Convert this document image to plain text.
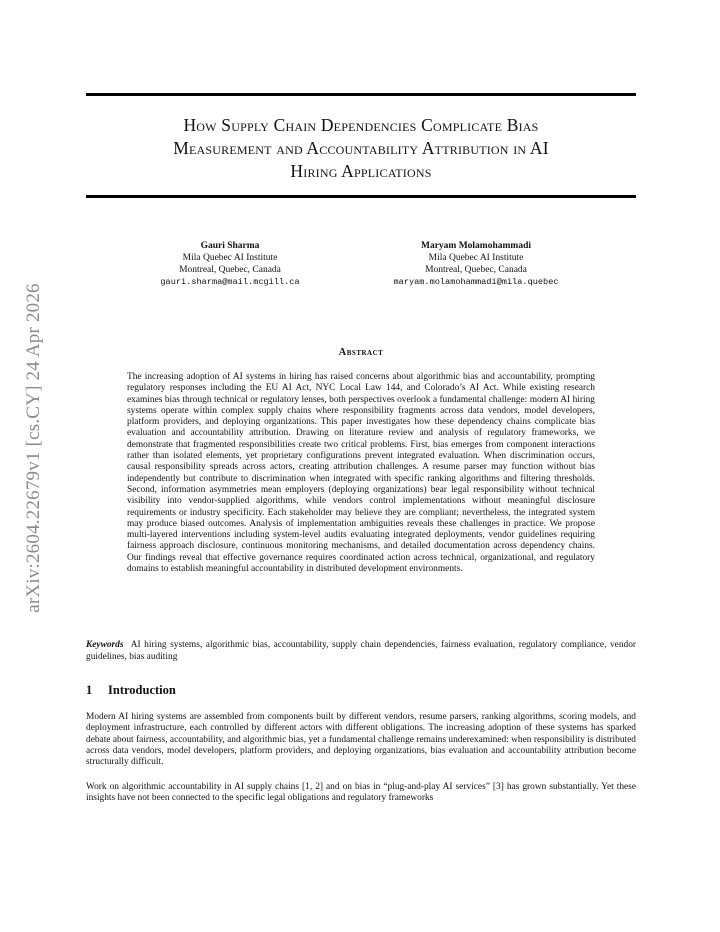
arXiv:2604.22679v1 [cs.CY] 24 Apr 2026
How Supply Chain Dependencies Complicate Bias
Measurement and Accountability Attribution in AI
Hiring Applications
Gauri Sharma
Mila Quebec AI Institute
Montreal, Quebec, Canada
gauri.sharma@mail.mcgill.ca
Maryam Molamohammadi
Mila Quebec AI Institute
Montreal, Quebec, Canada
maryam.molamohammadi@mila.quebec
Abstract
The increasing adoption of AI systems in hiring has raised concerns about algorithmic bias and accountability, prompting regulatory responses including the EU AI Act, NYC Local Law 144, and Colorado’s AI Act. While existing research examines bias through technical or regulatory lenses, both perspectives overlook a fundamental challenge: modern AI hiring systems operate within complex supply chains where responsibility fragments across data vendors, model developers, platform providers, and deploying organizations. This paper investigates how these dependency chains complicate bias evaluation and accountability attribution. Drawing on literature review and analysis of regulatory frameworks, we demonstrate that fragmented responsibilities create two critical problems. First, bias emerges from component interactions rather than isolated elements, yet proprietary configurations prevent integrated evaluation. When discrimination occurs, causal responsibility spreads across actors, creating attribution challenges. A resume parser may function without bias independently but contribute to discrimination when integrated with specific ranking algorithms and filtering thresholds. Second, information asymmetries mean employers (deploying organizations) bear legal responsibility without technical visibility into vendor-supplied algorithms, while vendors control implementations without meaningful disclosure requirements or industry specificity. Each stakeholder may believe they are compliant; nevertheless, the integrated system may produce biased outcomes. Analysis of implementation ambiguities reveals these challenges in practice. We propose multi-layered interventions including system-level audits evaluating integrated deployments, vendor guidelines requiring fairness approach disclosure, continuous monitoring mechanisms, and detailed documentation across dependency chains. Our findings reveal that effective governance requires coordinated action across technical, organizational, and regulatory domains to establish meaningful accountability in distributed development environments.
Keywords AI hiring systems, algorithmic bias, accountability, supply chain dependencies, fairness evaluation, regulatory compliance, vendor guidelines, bias auditing
1 Introduction
Modern AI hiring systems are assembled from components built by different vendors, resume parsers, ranking algorithms, scoring models, and deployment infrastructure, each controlled by different actors with different obligations. The increasing adoption of these systems has sparked debate about fairness, accountability, and algorithmic bias, yet a fundamental challenge remains underexamined: when responsibility is distributed across data vendors, model developers, platform providers, and deploying organizations, bias evaluation and accountability attribution become structurally difficult.
Work on algorithmic accountability in AI supply chains [1, 2] and on bias in “plug-and-play AI services” [3] has grown substantially. Yet these insights have not been connected to the specific legal obligations and regulatory frameworks
